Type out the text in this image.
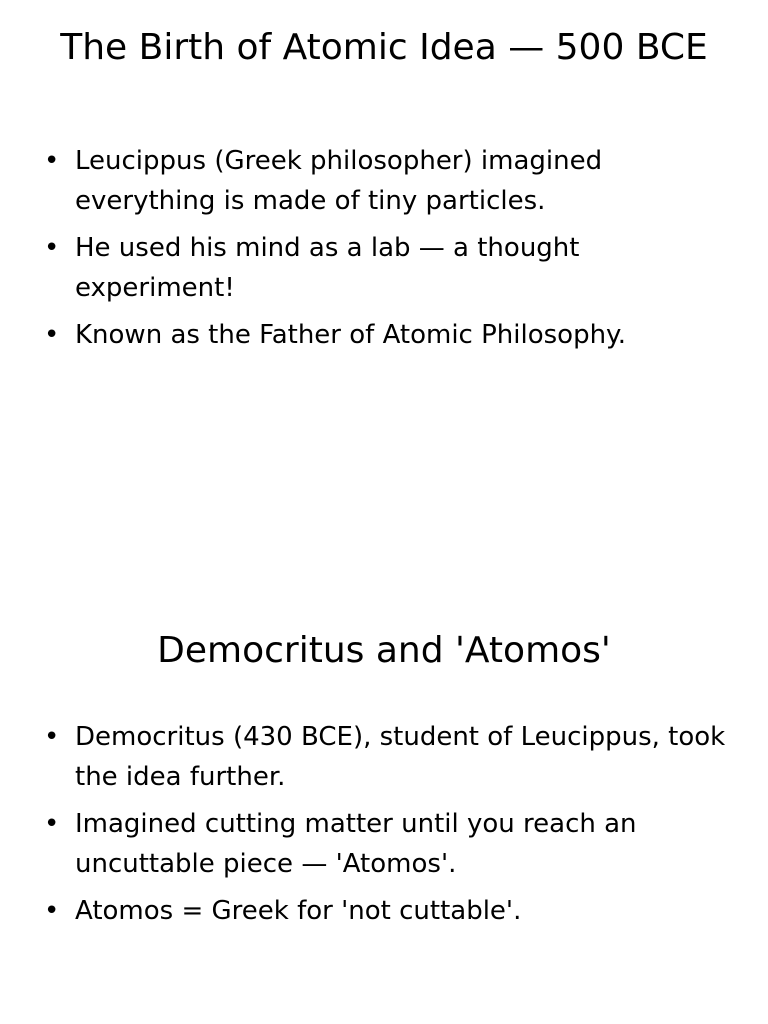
The Birth of Atomic Idea — 500 BCE
• Leucippus (Greek philosopher) imagined everything is made of tiny particles.
• He used his mind as a lab — a thought experiment!
• Known as the Father of Atomic Philosophy.
Democritus and 'Atomos'
• Democritus (430 BCE), student of Leucippus, took the idea further.
• Imagined cutting matter until you reach an uncuttable piece — 'Atomos'.
• Atomos = Greek for 'not cuttable'.
